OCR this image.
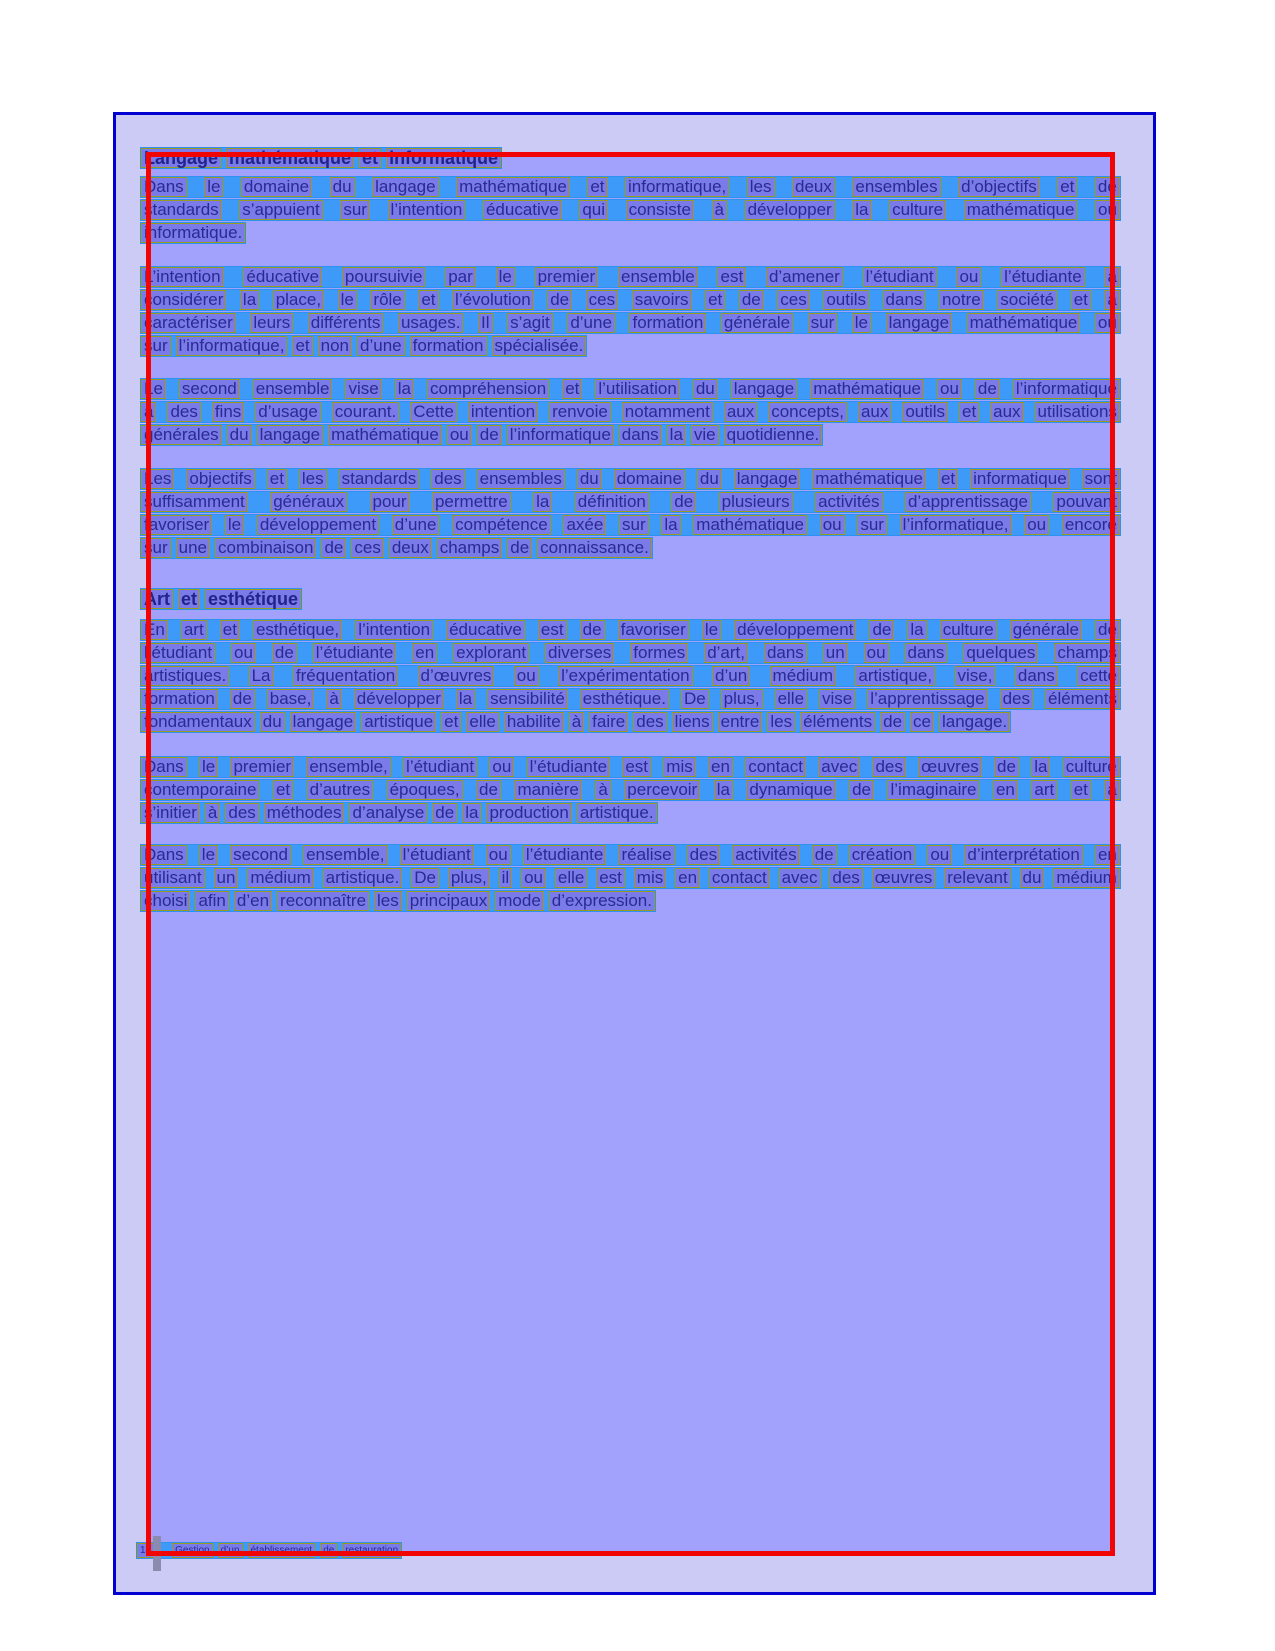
Langage mathématique et informatique
Dans le domaine du langage mathématique et informatique, les deux ensembles d’objectifs et de
standards s’appuient sur l’intention éducative qui consiste à développer la culture mathématique ou
informatique.
L’intention éducative poursuivie par le premier ensemble est d’amener l’étudiant ou l’étudiante à
considérer la place, le rôle et l’évolution de ces savoirs et de ces outils dans notre société et à
caractériser leurs différents usages. Il s’agit d’une formation générale sur le langage mathématique ou
sur l’informatique, et non d’une formation spécialisée.
Le second ensemble vise la compréhension et l’utilisation du langage mathématique ou de l’informatique
à des fins d’usage courant. Cette intention renvoie notamment aux concepts, aux outils et aux utilisations
générales du langage mathématique ou de l’informatique dans la vie quotidienne.
Les objectifs et les standards des ensembles du domaine du langage mathématique et informatique sont
suffisamment généraux pour permettre la définition de plusieurs activités d’apprentissage pouvant
favoriser le développement d’une compétence axée sur la mathématique ou sur l’informatique, ou encore
sur une combinaison de ces deux champs de connaissance.
Art et esthétique
En art et esthétique, l’intention éducative est de favoriser le développement de la culture générale de
l’étudiant ou de l’étudiante en explorant diverses formes d’art, dans un ou dans quelques champs
artistiques. La fréquentation d’œuvres ou l’expérimentation d’un médium artistique, vise, dans cette
formation de base, à développer la sensibilité esthétique. De plus, elle vise l’apprentissage des éléments
fondamentaux du langage artistique et elle habilite à faire des liens entre les éléments de ce langage.
Dans le premier ensemble, l’étudiant ou l’étudiante est mis en contact avec des œuvres de la culture
contemporaine et d’autres époques, de manière à percevoir la dynamique de l’imaginaire en art et à
s’initier à des méthodes d’analyse de la production artistique.
Dans le second ensemble, l’étudiant ou l’étudiante réalise des activités de création ou d’interprétation en
utilisant un médium artistique. De plus, il ou elle est mis en contact avec des œuvres relevant du médium
choisi afin d’en reconnaître les principaux mode d’expression.
14	Gestion	d’un	établissement	de	restauration
